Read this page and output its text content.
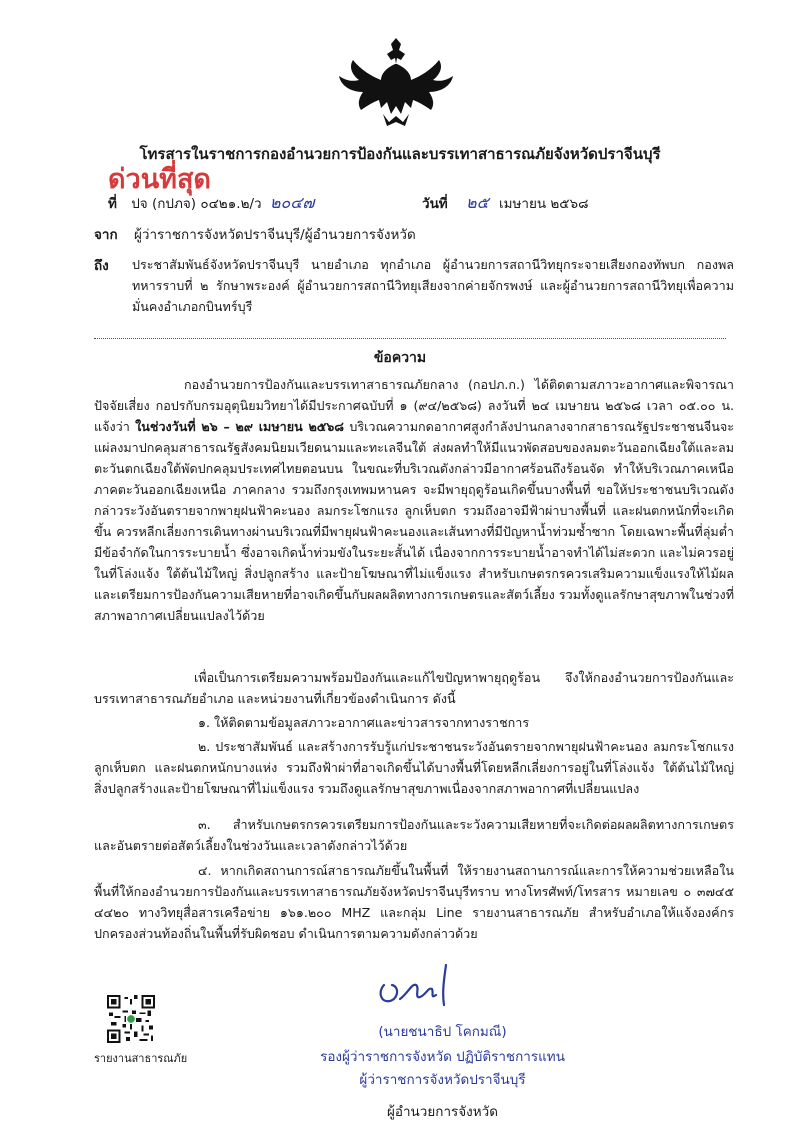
โทรสารในราชการกองอำนวยการป้องกันและบรรเทาสาธารณภัยจังหวัดปราจีนบุรี
ด่วนที่สุด
ที่ ปจ (กปภจ) ๐๔๒๑.๒/ว ๒๐๔๗	วันที่ ๒๕ เมษายน ๒๕๖๘
จาก ผู้ว่าราชการจังหวัดปราจีนบุรี/ผู้อำนวยการจังหวัด
ถึง ประชาสัมพันธ์จังหวัดปราจีนบุรี นายอำเภอ ทุกอำเภอ ผู้อำนวยการสถานีวิทยุกระจายเสียงกองทัพบก กองพลทหารราบที่ ๒ รักษาพระองค์ ผู้อำนวยการสถานีวิทยุเสียงจากค่ายจักรพงษ์ และผู้อำนวยการสถานีวิทยุเพื่อความมั่นคงอำเภอกบินทร์บุรี
ข้อความ

กองอำนวยการป้องกันและบรรเทาสาธารณภัยกลาง (กอปภ.ก.) ได้ติดตามสภาวะอากาศและพิจารณาปัจจัยเสี่ยง กอปรกับกรมอุตุนิยมวิทยาได้มีประกาศฉบับที่ ๑ (๙๔/๒๕๖๘) ลงวันที่ ๒๔ เมษายน ๒๕๖๘ เวลา ๐๕.๐๐ น. แจ้งว่า ในช่วงวันที่ ๒๖ – ๒๙ เมษายน ๒๕๖๘ บริเวณความกดอากาศสูงกำลังปานกลางจากสาธารณรัฐประชาชนจีนจะแผ่ลงมาปกคลุมสาธารณรัฐสังคมนิยมเวียดนามและทะเลจีนใต้ ส่งผลทำให้มีแนวพัดสอบของลมตะวันออกเฉียงใต้และลมตะวันตกเฉียงใต้พัดปกคลุมประเทศไทยตอนบน ในขณะที่บริเวณดังกล่าวมีอากาศร้อนถึงร้อนจัด ทำให้บริเวณภาคเหนือ ภาคตะวันออกเฉียงเหนือ ภาคกลาง รวมถึงกรุงเทพมหานคร จะมีพายุฤดูร้อนเกิดขึ้นบางพื้นที่ ขอให้ประชาชนบริเวณดังกล่าวระวังอันตรายจากพายุฝนฟ้าคะนอง ลมกระโชกแรง ลูกเห็บตก รวมถึงอาจมีฟ้าผ่าบางพื้นที่ และฝนตกหนักที่จะเกิดขึ้น ควรหลีกเลี่ยงการเดินทางผ่านบริเวณที่มีพายุฝนฟ้าคะนองและเส้นทางที่มีปัญหาน้ำท่วมซ้ำซาก โดยเฉพาะพื้นที่ลุ่มต่ำ มีข้อจำกัดในการระบายน้ำ ซึ่งอาจเกิดน้ำท่วมขังในระยะสั้นได้ เนื่องจากการระบายน้ำอาจทำได้ไม่สะดวก และไม่ควรอยู่ในที่โล่งแจ้ง ใต้ต้นไม้ใหญ่ สิ่งปลูกสร้าง และป้ายโฆษณาที่ไม่แข็งแรง สำหรับเกษตรกรควรเสริมความแข็งแรงให้ไม้ผลและเตรียมการป้องกันความเสียหายที่อาจเกิดขึ้นกับผลผลิตทางการเกษตรและสัตว์เลี้ยง รวมทั้งดูแลรักษาสุขภาพในช่วงที่สภาพอากาศเปลี่ยนแปลงไว้ด้วย

เพื่อเป็นการเตรียมความพร้อมป้องกันและแก้ไขปัญหาพายุฤดูร้อน จึงให้กองอำนวยการป้องกันและบรรเทาสาธารณภัยอำเภอ และหน่วยงานที่เกี่ยวข้องดำเนินการ ดังนี้

๑. ให้ติดตามข้อมูลสภาวะอากาศและข่าวสารจากทางราชการ

๒. ประชาสัมพันธ์ และสร้างการรับรู้แก่ประชาชนระวังอันตรายจากพายุฝนฟ้าคะนอง ลมกระโชกแรง ลูกเห็บตก และฝนตกหนักบางแห่ง รวมถึงฟ้าผ่าที่อาจเกิดขึ้นได้บางพื้นที่โดยหลีกเลี่ยงการอยู่ในที่โล่งแจ้ง ใต้ต้นไม้ใหญ่ สิ่งปลูกสร้างและป้ายโฆษณาที่ไม่แข็งแรง รวมถึงดูแลรักษาสุขภาพเนื่องจากสภาพอากาศที่เปลี่ยนแปลง

๓. สำหรับเกษตรกรควรเตรียมการป้องกันและระวังความเสียหายที่จะเกิดต่อผลผลิตทางการเกษตรและอันตรายต่อสัตว์เลี้ยงในช่วงวันและเวลาดังกล่าวไว้ด้วย

๔. หากเกิดสถานการณ์สาธารณภัยขึ้นในพื้นที่ ให้รายงานสถานการณ์และการให้ความช่วยเหลือในพื้นที่ให้กองอำนวยการป้องกันและบรรเทาสาธารณภัยจังหวัดปราจีนบุรีทราบ ทางโทรศัพท์/โทรสาร หมายเลข ๐ ๓๗๔๕ ๔๔๒๐ ทางวิทยุสื่อสารเครือข่าย ๑๖๑.๒๐๐ MHZ และกลุ่ม Line รายงานสาธารณภัย สำหรับอำเภอให้แจ้งองค์กรปกครองส่วนท้องถิ่นในพื้นที่รับผิดชอบ ดำเนินการตามความดังกล่าวด้วย

รายงานสาธารณภัย
(นายชนาธิป โคกมณี)
รองผู้ว่าราชการจังหวัด ปฏิบัติราชการแทน
ผู้ว่าราชการจังหวัดปราจีนบุรี
ผู้อำนวยการจังหวัด
